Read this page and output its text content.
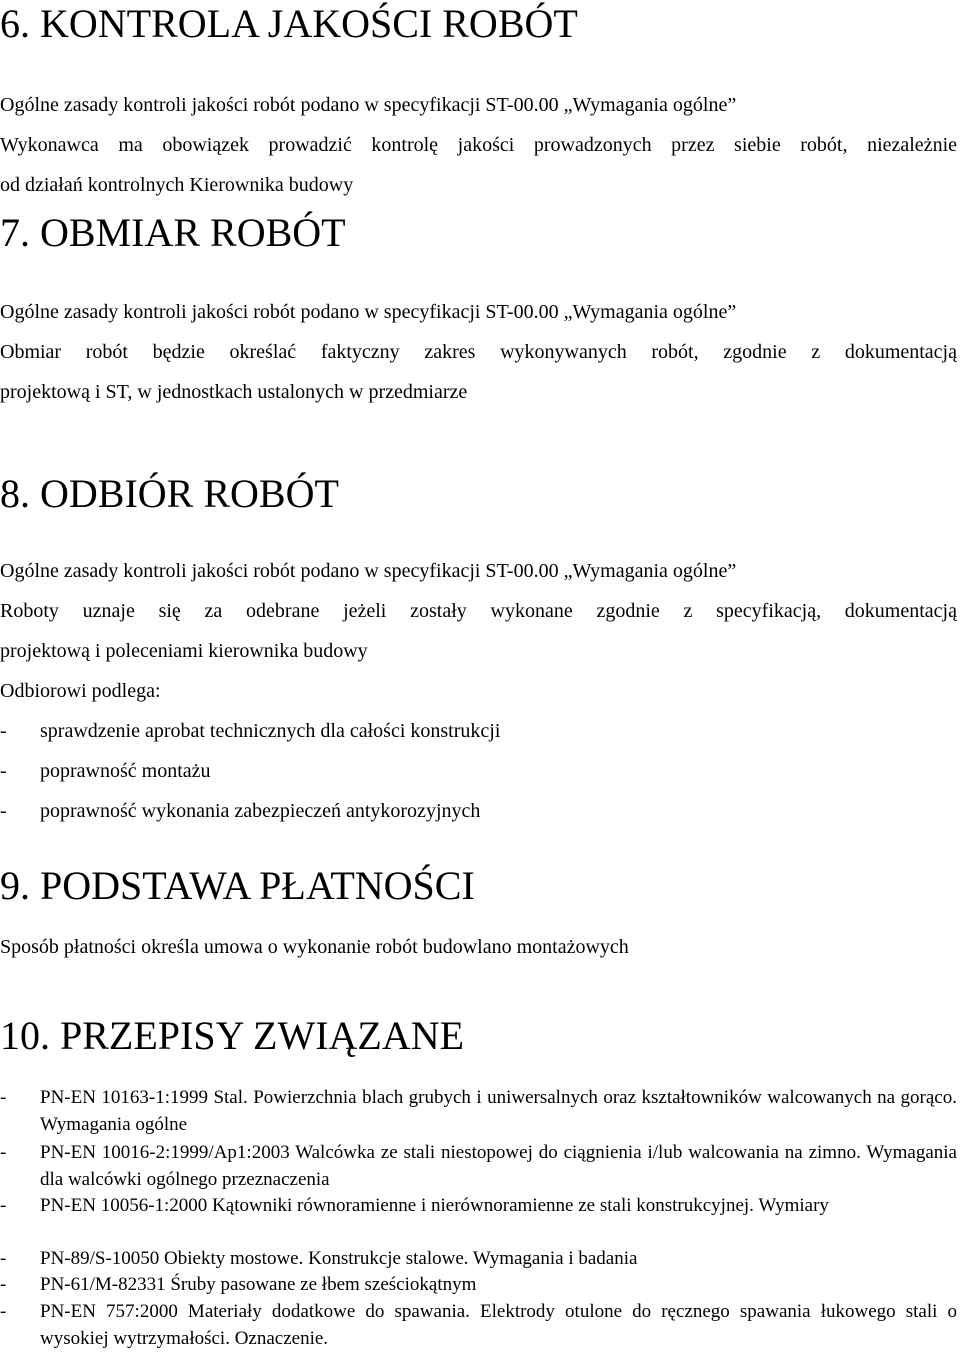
6. KONTROLA JAKOŚCI ROBÓT
Ogólne zasady kontroli jakości robót podano w specyfikacji ST-00.00 „Wymagania ogólne”
Wykonawca ma obowiązek prowadzić kontrolę jakości prowadzonych przez siebie robót, niezależnie
od działań kontrolnych Kierownika budowy
7. OBMIAR ROBÓT
Ogólne zasady kontroli jakości robót podano w specyfikacji ST-00.00 „Wymagania ogólne”
Obmiar robót będzie określać faktyczny zakres wykonywanych robót, zgodnie z dokumentacją
projektową i ST, w jednostkach ustalonych w przedmiarze
8. ODBIÓR ROBÓT
Ogólne zasady kontroli jakości robót podano w specyfikacji ST-00.00 „Wymagania ogólne”
Roboty uznaje się za odebrane jeżeli zostały wykonane zgodnie z specyfikacją, dokumentacją
projektową i poleceniami kierownika budowy
Odbiorowi podlega:
- sprawdzenie aprobat technicznych dla całości konstrukcji
- poprawność montażu
- poprawność wykonania zabezpieczeń antykorozyjnych
9. PODSTAWA PŁATNOŚCI
Sposób płatności określa umowa o wykonanie robót budowlano montażowych
10. PRZEPISY ZWIĄZANE
- PN-EN 10163-1:1999 Stal. Powierzchnia blach grubych i uniwersalnych oraz kształtowników walcowanych na gorąco. Wymagania ogólne
- PN-EN 10016-2:1999/Ap1:2003 Walcówka ze stali niestopowej do ciągnienia i/lub walcowania na zimno. Wymagania dla walcówki ogólnego przeznaczenia
- PN-EN 10056-1:2000 Kątowniki równoramienne i nierównoramienne ze stali konstrukcyjnej. Wymiary
- PN-89/S-10050 Obiekty mostowe. Konstrukcje stalowe. Wymagania i badania
- PN-61/M-82331 Śruby pasowane ze łbem sześciokątnym
- PN-EN 757:2000 Materiały dodatkowe do spawania. Elektrody otulone do ręcznego spawania łukowego stali o wysokiej wytrzymałości. Oznaczenie.
